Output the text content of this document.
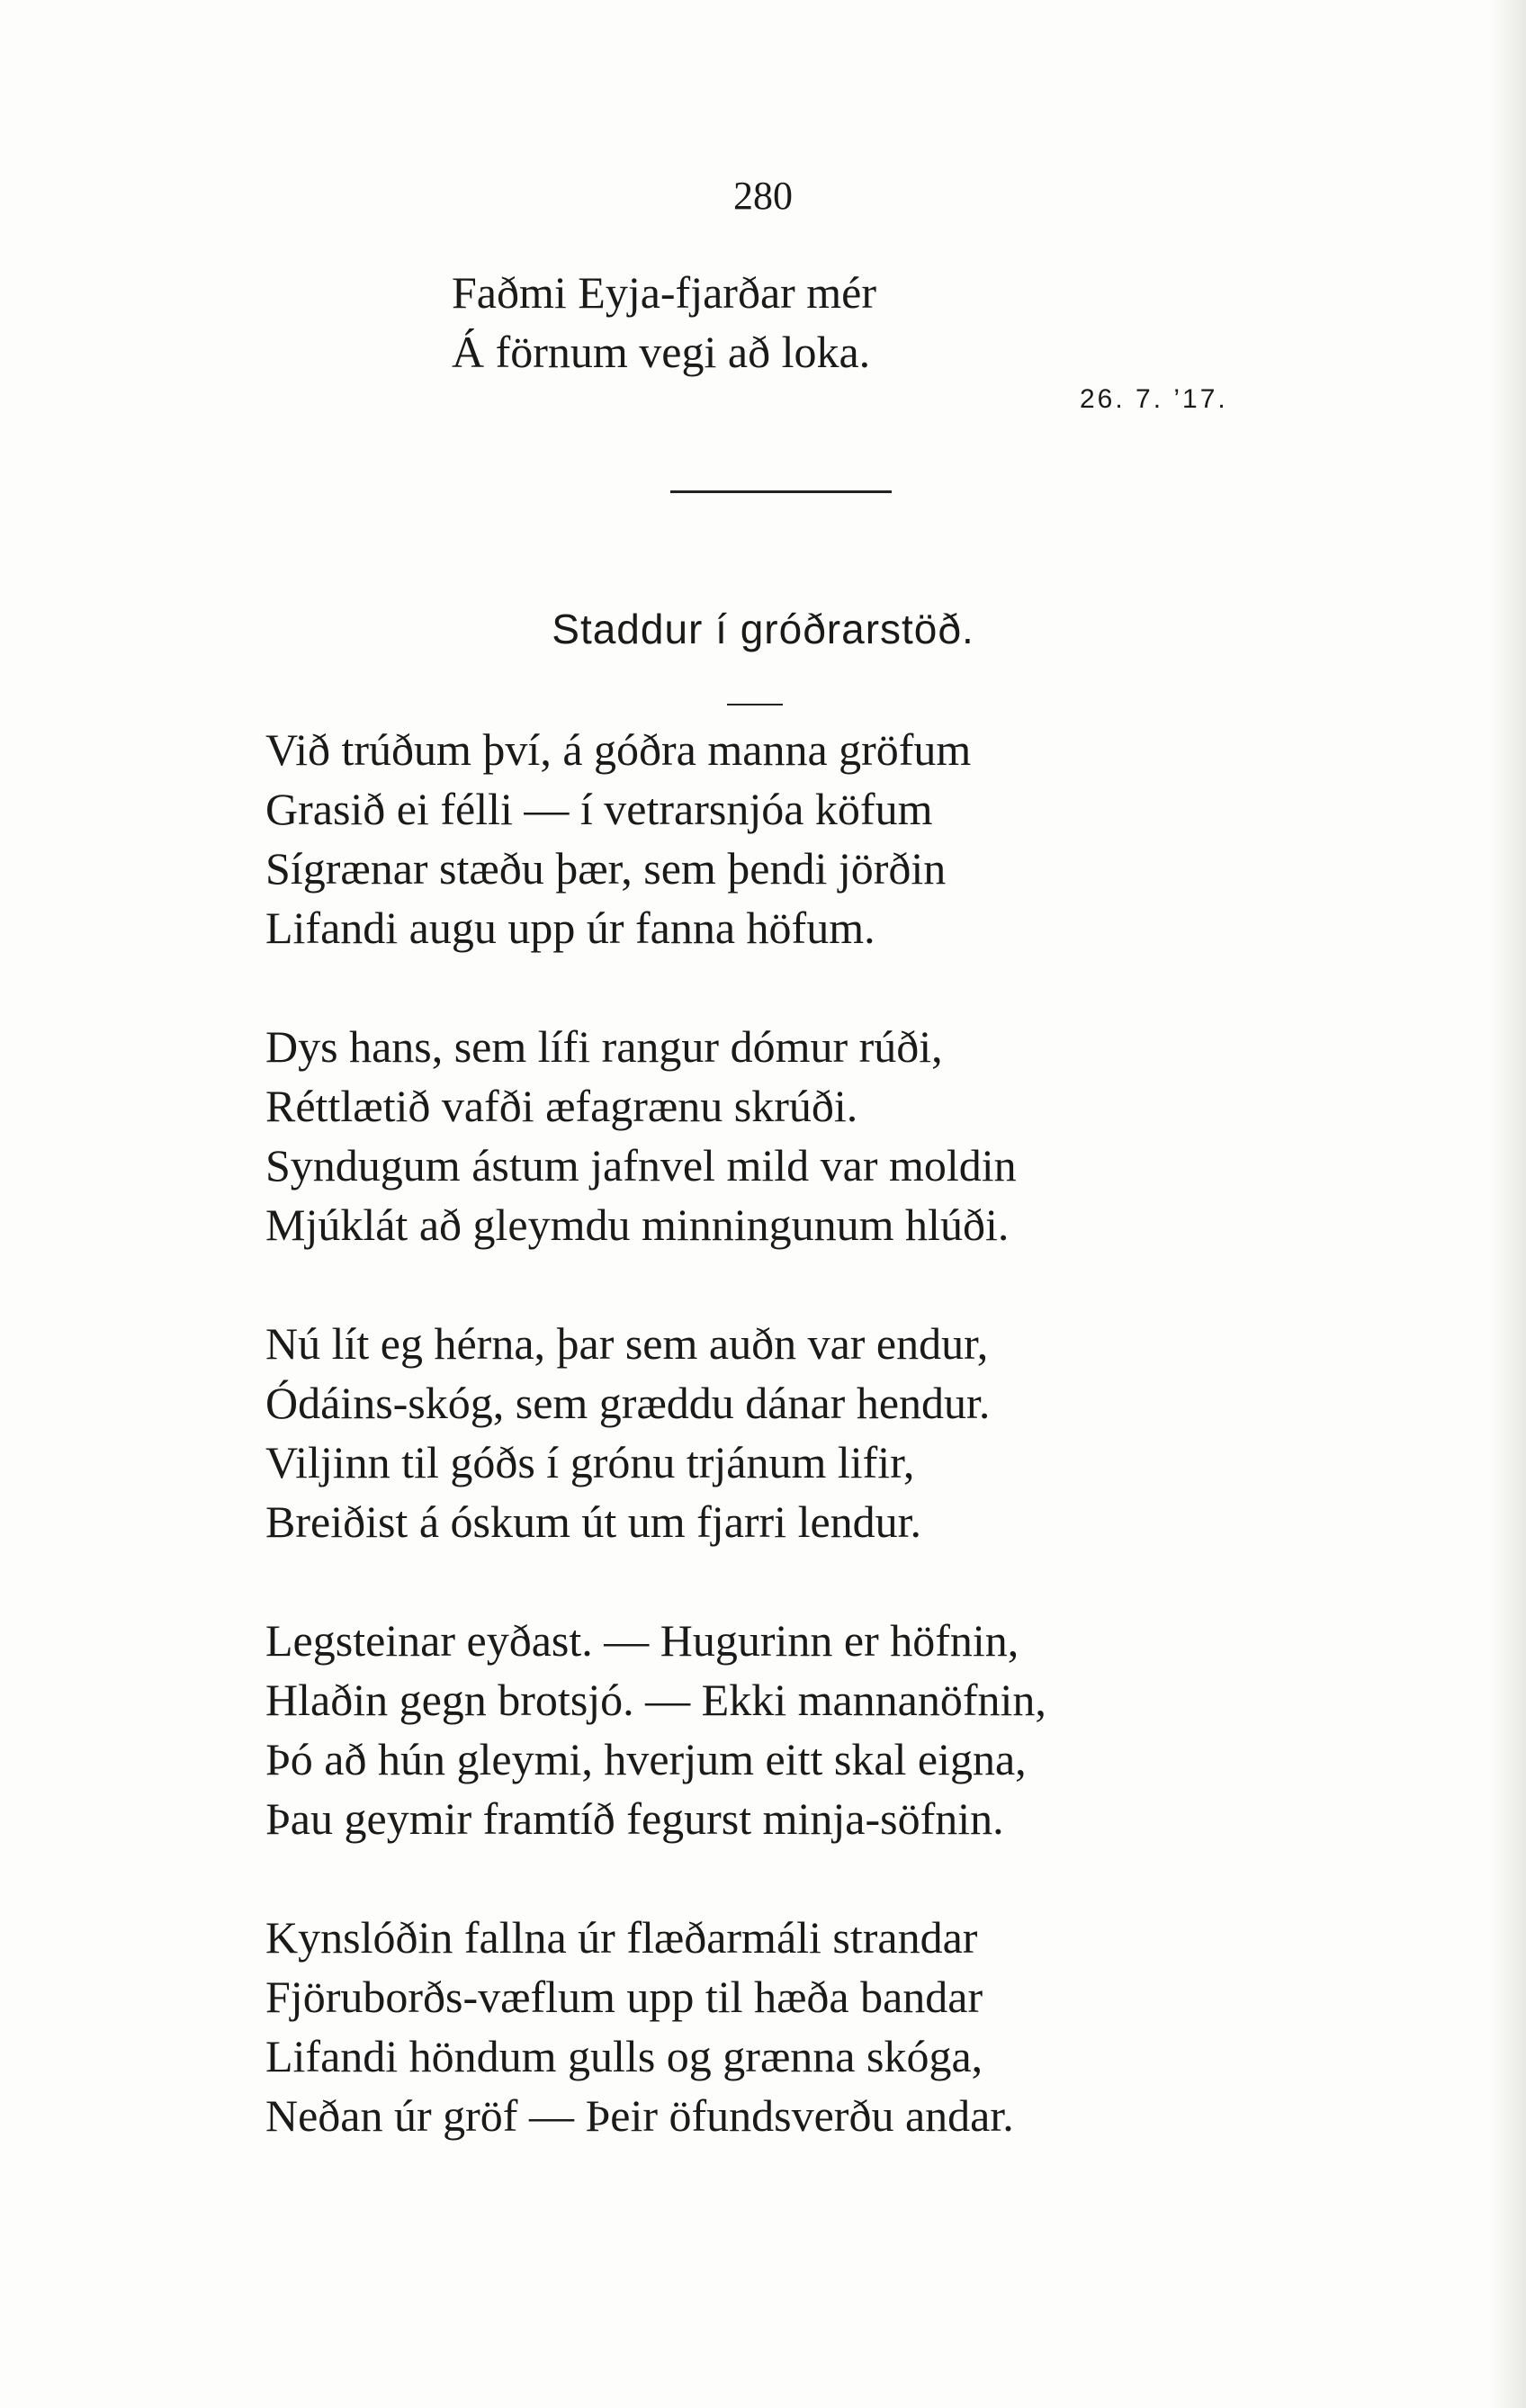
280
Faðmi Eyja-fjarðar mér
Á förnum vegi að loka.
26. 7. ’17.
Staddur í gróðrarstöð.
Við trúðum því, á góðra manna gröfum
Grasið ei félli — í vetrarsnjóa köfum
Sígrænar stæðu þær, sem þendi jörðin
Lifandi augu upp úr fanna höfum.
Dys hans, sem lífi rangur dómur rúði,
Réttlætið vafði æfagrænu skrúði.
Syndugum ástum jafnvel mild var moldin
Mjúklát að gleymdu minningunum hlúði.
Nú lít eg hérna, þar sem auðn var endur,
Ódáins-skóg, sem græddu dánar hendur.
Viljinn til góðs í grónu trjánum lifir,
Breiðist á óskum út um fjarri lendur.
Legsteinar eyðast. — Hugurinn er höfnin,
Hlaðin gegn brotsjó. — Ekki mannanöfnin,
Þó að hún gleymi, hverjum eitt skal eigna,
Þau geymir framtíð fegurst minja-söfnin.
Kynslóðin fallna úr flæðarmáli strandar
Fjöruborðs-væflum upp til hæða bandar
Lifandi höndum gulls og grænna skóga,
Neðan úr gröf — Þeir öfundsverðu andar.
